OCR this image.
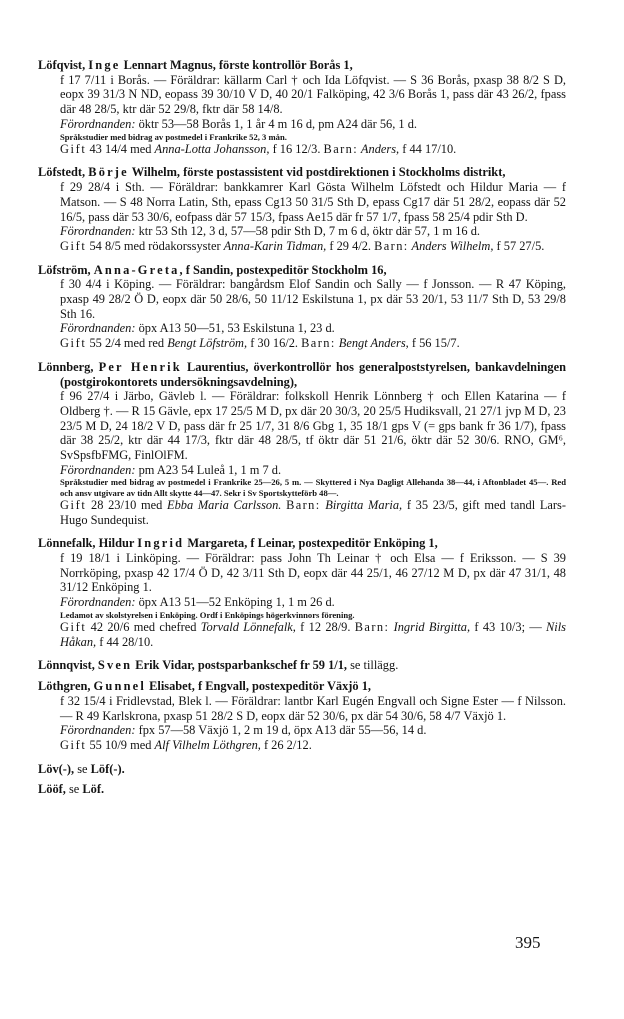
Löfqvist, Inge Lennart Magnus, förste kontrollör Borås 1,
f 17 7/11 i Borås. — Föräldrar: källarm Carl † och Ida Löfqvist. — S 36 Borås, pxasp 38 8/2 S D, eopx 39 31/3 N ND, eopass 39 30/10 V D, 40 20/1 Falköping, 42 3/6 Borås 1, pass där 43 26/2, fpass där 48 28/5, ktr där 52 29/8, fktr där 58 14/8.
Förordnanden: öktr 53—58 Borås 1, 1 år 4 m 16 d, pm A24 där 56, 1 d.
Språkstudier med bidrag av postmedel i Frankrike 52, 3 mån.
Gift 43 14/4 med Anna-Lotta Johansson, f 16 12/3. Barn: Anders, f 44 17/10.
Löfstedt, Börje Wilhelm, förste postassistent vid postdirektionen i Stockholms distrikt,
f 29 28/4 i Sth. — Föräldrar: bankkamrer Karl Gösta Wilhelm Löfstedt och Hildur Maria — f Matson. — S 48 Norra Latin, Sth, epass Cg13 50 31/5 Sth D, epass Cg17 där 51 28/2, eopass där 52 16/5, pass där 53 30/6, eofpass där 57 15/3, fpass Ae15 där fr 57 1/7, fpass 58 25/4 pdir Sth D.
Förordnanden: ktr 53 Sth 12, 3 d, 57—58 pdir Sth D, 7 m 6 d, öktr där 57, 1 m 16 d.
Gift 54 8/5 med rödakorssyster Anna-Karin Tidman, f 29 4/2. Barn: Anders Wilhelm, f 57 27/5.
Löfström, Anna-Greta, f Sandin, postexpeditör Stockholm 16,
f 30 4/4 i Köping. — Föräldrar: bangårdsm Elof Sandin och Sally — f Jonsson. — R 47 Köping, pxasp 49 28/2 Ö D, eopx där 50 28/6, 50 11/12 Eskilstuna 1, px där 53 20/1, 53 11/7 Sth D, 53 29/8 Sth 16.
Förordnanden: öpx A13 50—51, 53 Eskilstuna 1, 23 d.
Gift 55 2/4 med red Bengt Löfström, f 30 16/2. Barn: Bengt Anders, f 56 15/7.
Lönnberg, Per Henrik Laurentius, överkontrollör hos generalpoststyrelsen, bankavdelningen (postgirokontorets undersökningsavdelning),
f 96 27/4 i Järbo, Gävleb l. — Föräldrar: folkskoll Henrik Lönnberg † och Ellen Katarina — f Oldberg †. — R 15 Gävle, epx 17 25/5 M D, px där 20 30/3, 20 25/5 Hudiksvall, 21 27/1 jvp M D, 23 23/5 M D, 24 18/2 V D, pass där fr 25 1/7, 31 8/6 Gbg 1, 35 18/1 gps V (= gps bank fr 36 1/7), fpass där 38 25/2, ktr där 44 17/3, fktr där 48 28/5, tf öktr där 51 21/6, öktr där 52 30/6. RNO, GM⁶, SvSpsfbFMG, FinlOlFM.
Förordnanden: pm A23 54 Luleå 1, 1 m 7 d.
Språkstudier med bidrag av postmedel i Frankrike 25—26, 5 m. — Skyttered i Nya Dagligt Allehanda 38—44, i Aftonbladet 45—. Red och ansv utgivare av tidn Allt skytte 44—47. Sekr i Sv Sportskytteförb 48—.
Gift 28 23/10 med Ebba Maria Carlsson. Barn: Birgitta Maria, f 35 23/5, gift med tandl Lars-Hugo Sundequist.
Lönnefalk, Hildur Ingrid Margareta, f Leinar, postexpeditör Enköping 1,
f 19 18/1 i Linköping. — Föräldrar: pass John Th Leinar † och Elsa — f Eriksson. — S 39 Norrköping, pxasp 42 17/4 Ö D, 42 3/11 Sth D, eopx där 44 25/1, 46 27/12 M D, px där 47 31/1, 48 31/12 Enköping 1.
Förordnanden: öpx A13 51—52 Enköping 1, 1 m 26 d.
Ledamot av skolstyrelsen i Enköping. Ordf i Enköpings högerkvinnors förening.
Gift 42 20/6 med chefred Torvald Lönnefalk, f 12 28/9. Barn: Ingrid Birgitta, f 43 10/3; — Nils Håkan, f 44 28/10.
Lönnqvist, Sven Erik Vidar, postsparbankschef fr 59 1/1, se tillägg.
Löthgren, Gunnel Elisabet, f Engvall, postexpeditör Växjö 1,
f 32 15/4 i Fridlevstad, Blek l. — Föräldrar: lantbr Karl Eugén Engvall och Signe Ester — f Nilsson. — R 49 Karlskrona, pxasp 51 28/2 S D, eopx där 52 30/6, px där 54 30/6, 58 4/7 Växjö 1.
Förordnanden: fpx 57—58 Växjö 1, 2 m 19 d, öpx A13 där 55—56, 14 d.
Gift 55 10/9 med Alf Vilhelm Löthgren, f 26 2/12.
Löv(-), se Löf(-).
Lööf, se Löf.
395
